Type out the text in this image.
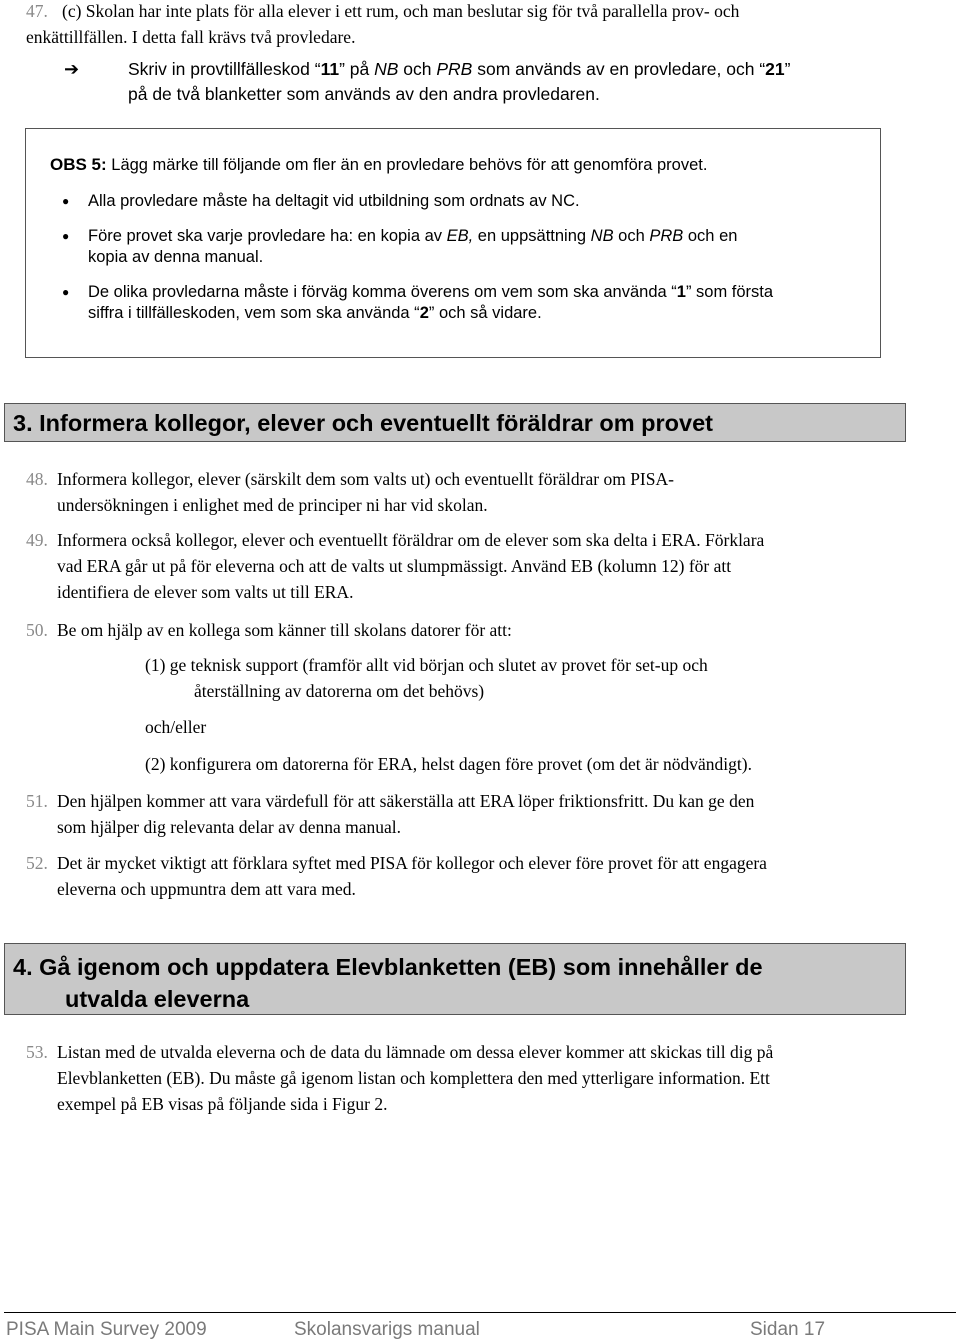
47. (c) Skolan har inte plats för alla elever i ett rum, och man beslutar sig för två parallella prov- och
enkättillfällen. I detta fall krävs två provledare.
➔	Skriv in provtillfälleskod “11” på NB och PRB som används av en provledare, och “21”
på de två blanketter som används av den andra provledaren.
OBS 5: Lägg märke till följande om fler än en provledare behövs för att genomföra provet.
● Alla provledare måste ha deltagit vid utbildning som ordnats av NC.
● Före provet ska varje provledare ha: en kopia av EB, en uppsättning NB och PRB och en
kopia av denna manual.
● De olika provledarna måste i förväg komma överens om vem som ska använda “1” som första
siffra i tillfälleskoden, vem som ska använda “2” och så vidare.
3. Informera kollegor, elever och eventuellt föräldrar om provet
48. Informera kollegor, elever (särskilt dem som valts ut) och eventuellt föräldrar om PISA-
undersökningen i enlighet med de principer ni har vid skolan.
49. Informera också kollegor, elever och eventuellt föräldrar om de elever som ska delta i ERA. Förklara
vad ERA går ut på för eleverna och att de valts ut slumpmässigt. Använd EB (kolumn 12) för att
identifiera de elever som valts ut till ERA.
50. Be om hjälp av en kollega som känner till skolans datorer för att:
(1) ge teknisk support (framför allt vid början och slutet av provet för set-up och
återställning av datorerna om det behövs)
och/eller
(2) konfigurera om datorerna för ERA, helst dagen före provet (om det är nödvändigt).
51. Den hjälpen kommer att vara värdefull för att säkerställa att ERA löper friktionsfritt. Du kan ge den
som hjälper dig relevanta delar av denna manual.
52. Det är mycket viktigt att förklara syftet med PISA för kollegor och elever före provet för att engagera
eleverna och uppmuntra dem att vara med.
4. Gå igenom och uppdatera Elevblanketten (EB) som innehåller de
utvalda eleverna
53. Listan med de utvalda eleverna och de data du lämnade om dessa elever kommer att skickas till dig på
Elevblanketten (EB). Du måste gå igenom listan och komplettera den med ytterligare information. Ett
exempel på EB visas på följande sida i Figur 2.
PISA Main Survey 2009	Skolansvarigs manual	Sidan 17
